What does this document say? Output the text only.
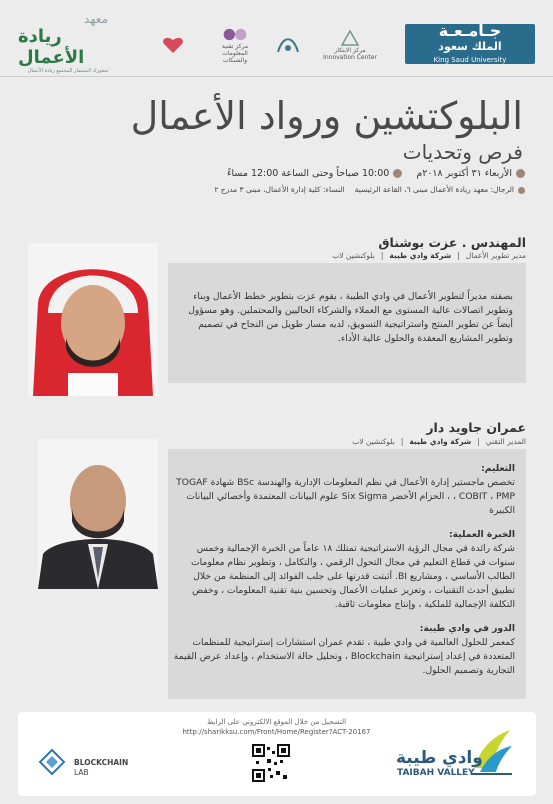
جـامـعـة
الملك سعود
King Saud University
مركز الابتكار
Innovation Center
مركز تقنية المعلومات والشبكات
معهد
ريادة الأعمال
شعورك لاستثمار المجتمع ريادة الأعمال
البلوكتشين ورواد الأعمال
فرص وتحديات
الأربعاء ٣١ أكتوبر ٢٠١٨م
10:00 صباحاً وحتى الساعة 12:00 مساءً
الرجال: معهد ريادة الأعمال مبنى ٦، القاعة الرئيسية
النساء: كلية إدارة الأعمال، مبنى ٣ مدرج ٢
المهندس . عزت بوشناق
مدير تطوير الأعمال
|
شركة وادي طيبة
|
بلوكتشين لاب
بصفته مديراً لتطوير الأعمال في وادي الطيبة ، يقوم عزت بتطوير خطط الأعمال وبناء وتطوير اتصالات عالية المستوى مع العملاء والشركاء الحاليين والمحتملين. وهو مسؤول أيضاً عن تطوير المنتج واستراتيجية التسويق، لديه مسار طويل من النجاح في تصميم وتطوير المشاريع المعقدة والحلول عالية الأداء.
عمران جاويد دار
المدير التقني
|
شركة وادي طيبة
|
بلوكتشين لاب
التعليم:
تخصص ماجستير إدارة الأعمال في نظم المعلومات الإدارية والهندسة BSc شهادة TOGAF ، COBIT ، PMP ، الحزام الأخضر Six Sigma علوم البيانات المعتمدة وأخصائي البيانات الكبيرة
الخبرة العملية:
شركة رائدة في مجال الرؤية الاستراتيجية تمتلك ١٨ عاماً من الخبرة الإجمالية وخمس سنوات في قطاع التعليم في مجال التحول الرقمي ، والتكامل ، وتطوير نظام معلومات الطالب الأساسي ، ومشاريع BI. أثبتت قدرتها على جلب الفوائد إلى المنظمة من خلال تطبيق أحدث التقنيات ، وتعزيز عمليات الأعمال وتحسين بنية تقنية المعلومات ، وخفض التكلفة الإجمالية للملكية ، وإنتاج معلومات ثاقبة.
الدور في وادي طيبة:
كمعمر للحلول العالمية في وادي طيبة ، تقدم عمران استشارات إستراتيجية للمنظمات المتعددة في إعداد إستراتيجية Blockchain ، وتحليل حالة الاستخدام ، وإعداد عرض القيمة التجارية وتصميم الحلول.
التسجيل من خلال الموقع الالكتروني على الرابط
http://sharikksu.com/Front/Home/Register?ACT-20167
BLOCKCHAIN
LAB
وادي طيبة
TAIBAH VALLEY
